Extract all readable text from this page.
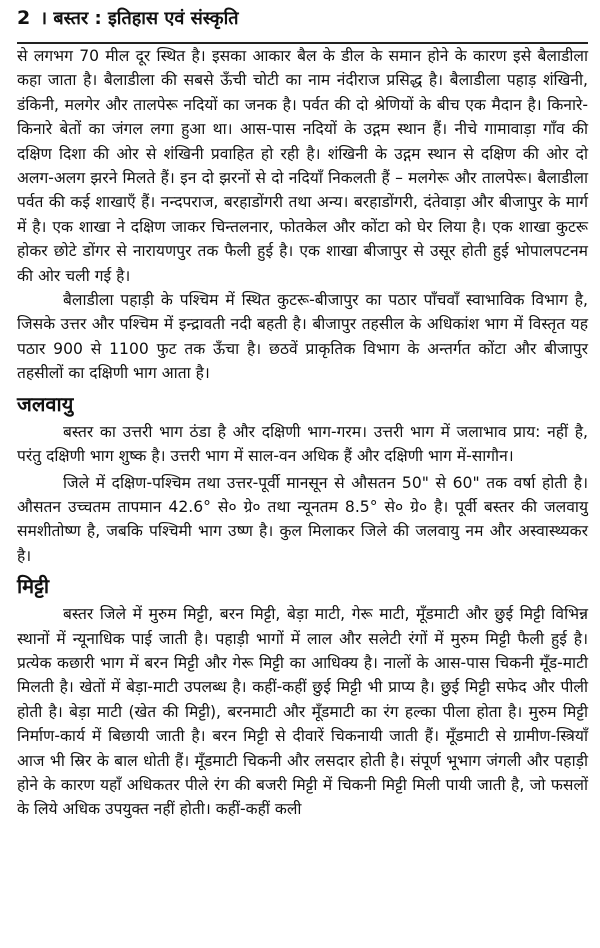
2 । बस्तर : इतिहास एवं संस्कृति

से लगभग 70 मील दूर स्थित है। इसका आकार बैल के डील के समान होने के कारण इसे बैलाडीला कहा जाता है। बैलाडीला की सबसे ऊँची चोटी का नाम नंदीराज प्रसिद्ध है। बैलाडीला पहाड़ शंखिनी, डंकिनी, मलगेर और तालपेरू नदियों का जनक है। पर्वत की दो श्रेणियों के बीच एक मैदान है। किनारे-किनारे बेतों का जंगल लगा हुआ था। आस-पास नदियों के उद्गम स्थान हैं। नीचे गामावाड़ा गाँव की दक्षिण दिशा की ओर से शंखिनी प्रवाहित हो रही है। शंखिनी के उद्गम स्थान से दक्षिण की ओर दो अलग-अलग झरने मिलते हैं। इन दो झरनों से दो नदियाँ निकलती हैं – मलगेरू और तालपेरू। बैलाडीला पर्वत की कई शाखाएँ हैं। नन्दपराज, बरहाडोंगरी तथा अन्य। बरहाडोंगरी, दंतेवाड़ा और बीजापुर के मार्ग में है। एक शाखा ने दक्षिण जाकर चिन्तलनार, फोतकेल और कोंटा को घेर लिया है। एक शाखा कुटरू होकर छोटे डोंगर से नारायणपुर तक फैली हुई है। एक शाखा बीजापुर से उसूर होती हुई भोपालपटनम की ओर चली गई है।

बैलाडीला पहाड़ी के पश्चिम में स्थित कुटरू-बीजापुर का पठार पाँचवाँ स्वाभाविक विभाग है, जिसके उत्तर और पश्चिम में इन्द्रावती नदी बहती है। बीजापुर तहसील के अधिकांश भाग में विस्तृत यह पठार 900 से 1100 फुट तक ऊँचा है। छठवें प्राकृतिक विभाग के अन्तर्गत कोंटा और बीजापुर तहसीलों का दक्षिणी भाग आता है।

जलवायु

बस्तर का उत्तरी भाग ठंडा है और दक्षिणी भाग-गरम। उत्तरी भाग में जलाभाव प्राय: नहीं है, परंतु दक्षिणी भाग शुष्क है। उत्तरी भाग में साल-वन अधिक हैं और दक्षिणी भाग में-सागौन।

जिले में दक्षिण-पश्चिम तथा उत्तर-पूर्वी मानसून से औसतन 50" से 60" तक वर्षा होती है। औसतन उच्चतम तापमान 42.6° से० ग्रे० तथा न्यूनतम 8.5° से० ग्रे० है। पूर्वी बस्तर की जलवायु समशीतोष्ण है, जबकि पश्चिमी भाग उष्ण है। कुल मिलाकर जिले की जलवायु नम और अस्वास्थ्यकर है।

मिट्टी

बस्तर जिले में मुरुम मिट्टी, बरन मिट्टी, बेड़ा माटी, गेरू माटी, मूँडमाटी और छुई मिट्टी विभिन्न स्थानों में न्यूनाधिक पाई जाती है। पहाड़ी भागों में लाल और सलेटी रंगों में मुरुम मिट्टी फैली हुई है। प्रत्येक कछारी भाग में बरन मिट्टी और गेरू मिट्टी का आधिक्य है। नालों के आस-पास चिकनी मूँड-माटी मिलती है। खेतों में बेड़ा-माटी उपलब्ध है। कहीं-कहीं छुई मिट्टी भी प्राप्य है। छुई मिट्टी सफेद और पीली होती है। बेड़ा माटी (खेत की मिट्टी), बरनमाटी और मूँडमाटी का रंग हल्का पीला होता है। मुरुम मिट्टी निर्माण-कार्य में बिछायी जाती है। बरन मिट्टी से दीवारें चिकनायी जाती हैं। मूँडमाटी से ग्रामीण-स्त्रियाँ आज भी स्रिर के बाल धोती हैं। मूँडमाटी चिकनी और लसदार होती है। संपूर्ण भूभाग जंगली और पहाड़ी होने के कारण यहाँ अधिकतर पीले रंग की बजरी मिट्टी में चिकनी मिट्टी मिली पायी जाती है, जो फसलों के लिये अधिक उपयुक्त नहीं होती। कहीं-कहीं कली
